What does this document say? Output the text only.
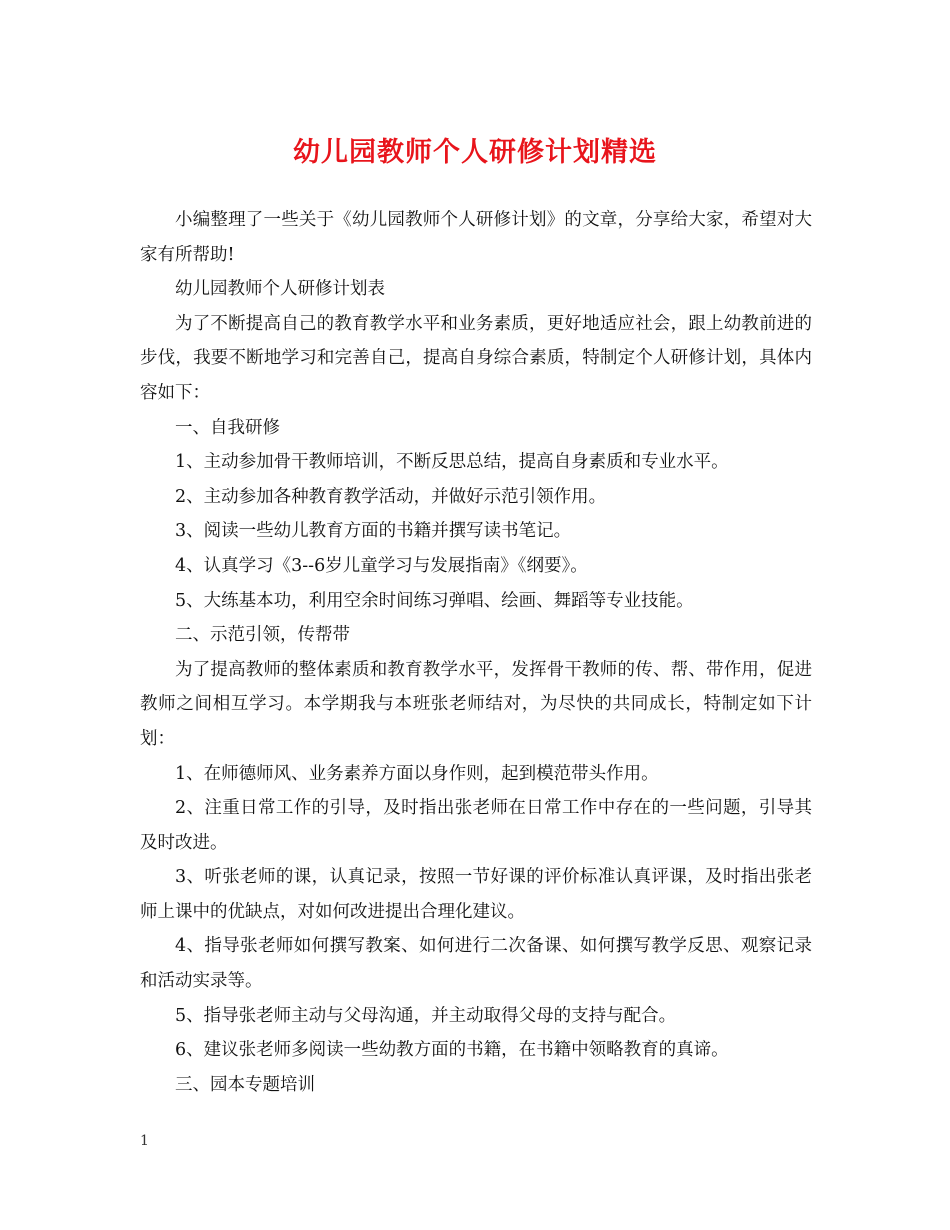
幼儿园教师个人研修计划精选

小编整理了一些关于《幼儿园教师个人研修计划》的文章，分享给大家，希望对大家有所帮助!

幼儿园教师个人研修计划表

为了不断提高自己的教育教学水平和业务素质，更好地适应社会，跟上幼教前进的步伐，我要不断地学习和完善自己，提高自身综合素质，特制定个人研修计划，具体内容如下：

一、自我研修

1、主动参加骨干教师培训，不断反思总结，提高自身素质和专业水平。

2、主动参加各种教育教学活动，并做好示范引领作用。

3、阅读一些幼儿教育方面的书籍并撰写读书笔记。

4、认真学习《3--6岁儿童学习与发展指南》《纲要》。

5、大练基本功，利用空余时间练习弹唱、绘画、舞蹈等专业技能。

二、示范引领，传帮带

为了提高教师的整体素质和教育教学水平，发挥骨干教师的传、帮、带作用，促进教师之间相互学习。本学期我与本班张老师结对，为尽快的共同成长，特制定如下计划：

1、在师德师风、业务素养方面以身作则，起到模范带头作用。

2、注重日常工作的引导，及时指出张老师在日常工作中存在的一些问题，引导其及时改进。

3、听张老师的课，认真记录，按照一节好课的评价标准认真评课，及时指出张老师上课中的优缺点，对如何改进提出合理化建议。

4、指导张老师如何撰写教案、如何进行二次备课、如何撰写教学反思、观察记录和活动实录等。

5、指导张老师主动与父母沟通，并主动取得父母的支持与配合。

6、建议张老师多阅读一些幼教方面的书籍，在书籍中领略教育的真谛。

三、园本专题培训

1
